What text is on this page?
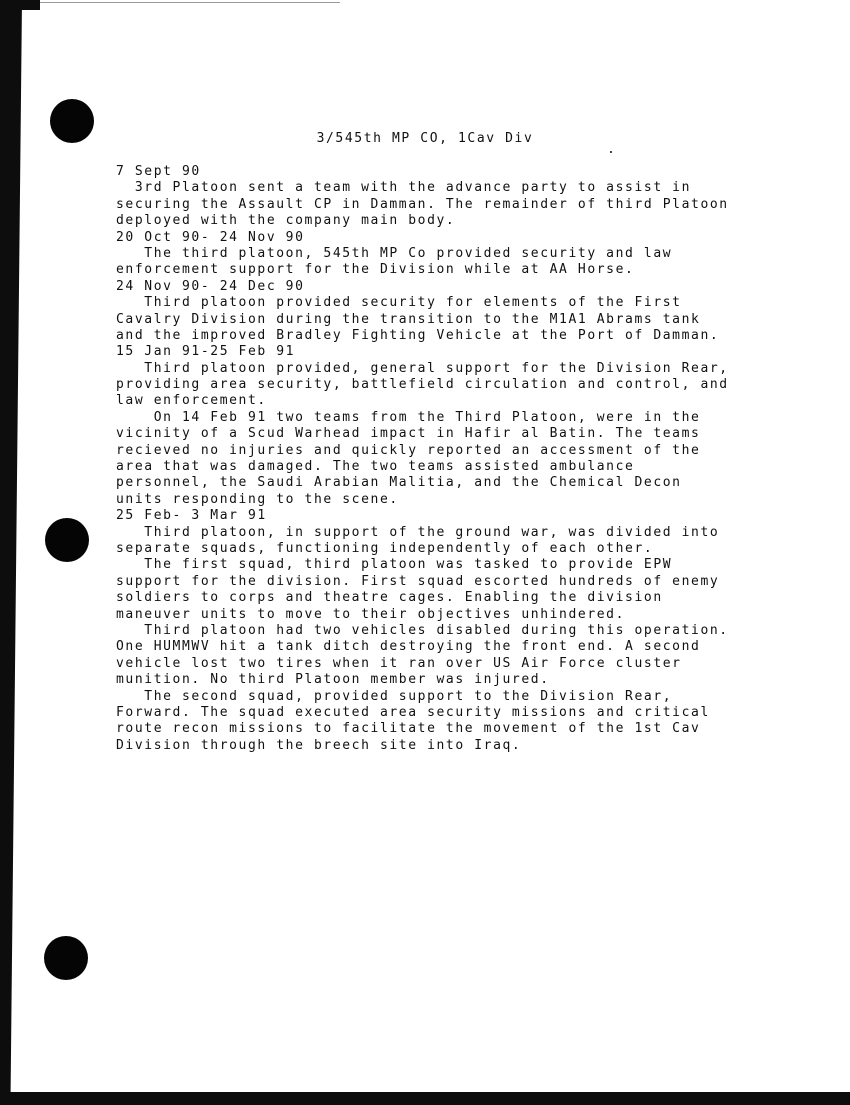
3/545th MP CO, 1Cav Div
7 Sept 90
3rd Platoon sent a team with the advance party to assist in
securing the Assault CP in Damman. The remainder of third Platoon
deployed with the company main body.
20 Oct 90- 24 Nov 90
The third platoon, 545th MP Co provided security and law
enforcement support for the Division while at AA Horse.
24 Nov 90- 24 Dec 90
Third platoon provided security for elements of the First
Cavalry Division during the transition to the M1A1 Abrams tank
and the improved Bradley Fighting Vehicle at the Port of Damman.
15 Jan 91-25 Feb 91
Third platoon provided, general support for the Division Rear,
providing area security, battlefield circulation and control, and
law enforcement.
On 14 Feb 91 two teams from the Third Platoon, were in the
vicinity of a Scud Warhead impact in Hafir al Batin. The teams
recieved no injuries and quickly reported an accessment of the
area that was damaged. The two teams assisted ambulance
personnel, the Saudi Arabian Malitia, and the Chemical Decon
units responding to the scene.
25 Feb- 3 Mar 91
Third platoon, in support of the ground war, was divided into
separate squads, functioning independently of each other.
The first squad, third platoon was tasked to provide EPW
support for the division. First squad escorted hundreds of enemy
soldiers to corps and theatre cages. Enabling the division
maneuver units to move to their objectives unhindered.
Third platoon had two vehicles disabled during this operation.
One HUMMWV hit a tank ditch destroying the front end. A second
vehicle lost two tires when it ran over US Air Force cluster
munition. No third Platoon member was injured.
The second squad, provided support to the Division Rear,
Forward. The squad executed area security missions and critical
route recon missions to facilitate the movement of the 1st Cav
Division through the breech site into Iraq.
